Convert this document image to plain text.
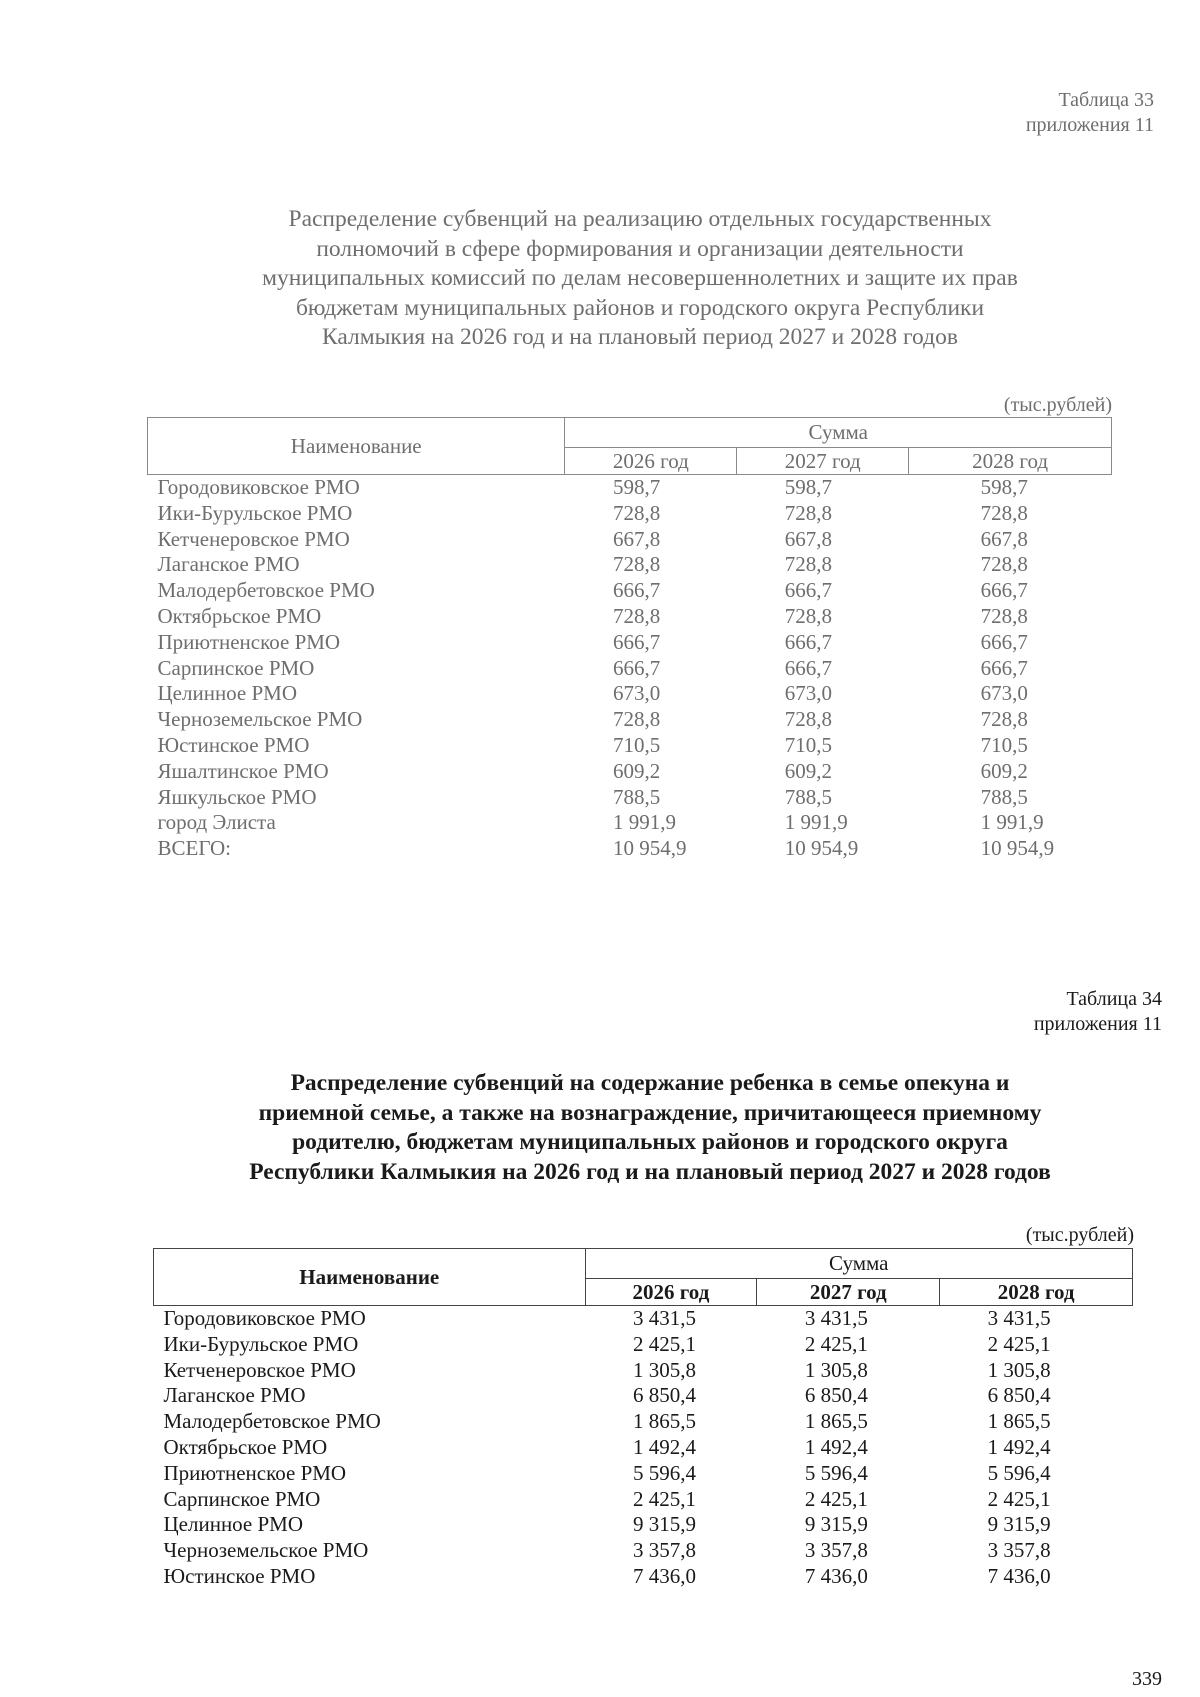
Таблица 33
приложения 11
Распределение субвенций на реализацию отдельных государственных
полномочий в сфере формирования и организации деятельности
муниципальных комиссий по делам несовершеннолетних и защите их прав
бюджетам муниципальных районов и городского округа Республики
Калмыкия на 2026 год и на плановый период 2027 и 2028 годов
(тыс.рублей)
Наименование	Сумма		
	2026 год	2027 год	2028 год
Городовиковское РМО	598,7	598,7	598,7
Ики-Бурульское РМО	728,8	728,8	728,8
Кетченеровское РМО	667,8	667,8	667,8
Лаганское РМО	728,8	728,8	728,8
Малодербетовское РМО	666,7	666,7	666,7
Октябрьское РМО	728,8	728,8	728,8
Приютненское РМО	666,7	666,7	666,7
Сарпинское РМО	666,7	666,7	666,7
Целинное РМО	673,0	673,0	673,0
Черноземельское РМО	728,8	728,8	728,8
Юстинское РМО	710,5	710,5	710,5
Яшалтинское РМО	609,2	609,2	609,2
Яшкульское РМО	788,5	788,5	788,5
город Элиста	1 991,9	1 991,9	1 991,9
ВСЕГО:	10 954,9	10 954,9	10 954,9
Таблица 34
приложения 11
Распределение субвенций на содержание ребенка в семье опекуна и
приемной семье, а также на вознаграждение, причитающееся приемному
родителю, бюджетам муниципальных районов и городского округа
Республики Калмыкия на 2026 год и на плановый период 2027 и 2028 годов
(тыс.рублей)
Наименование	Сумма		
	2026 год	2027 год	2028 год
Городовиковское РМО	3 431,5	3 431,5	3 431,5
Ики-Бурульское РМО	2 425,1	2 425,1	2 425,1
Кетченеровское РМО	1 305,8	1 305,8	1 305,8
Лаганское РМО	6 850,4	6 850,4	6 850,4
Малодербетовское РМО	1 865,5	1 865,5	1 865,5
Октябрьское РМО	1 492,4	1 492,4	1 492,4
Приютненское РМО	5 596,4	5 596,4	5 596,4
Сарпинское РМО	2 425,1	2 425,1	2 425,1
Целинное РМО	9 315,9	9 315,9	9 315,9
Черноземельское РМО	3 357,8	3 357,8	3 357,8
Юстинское РМО	7 436,0	7 436,0	7 436,0
339
